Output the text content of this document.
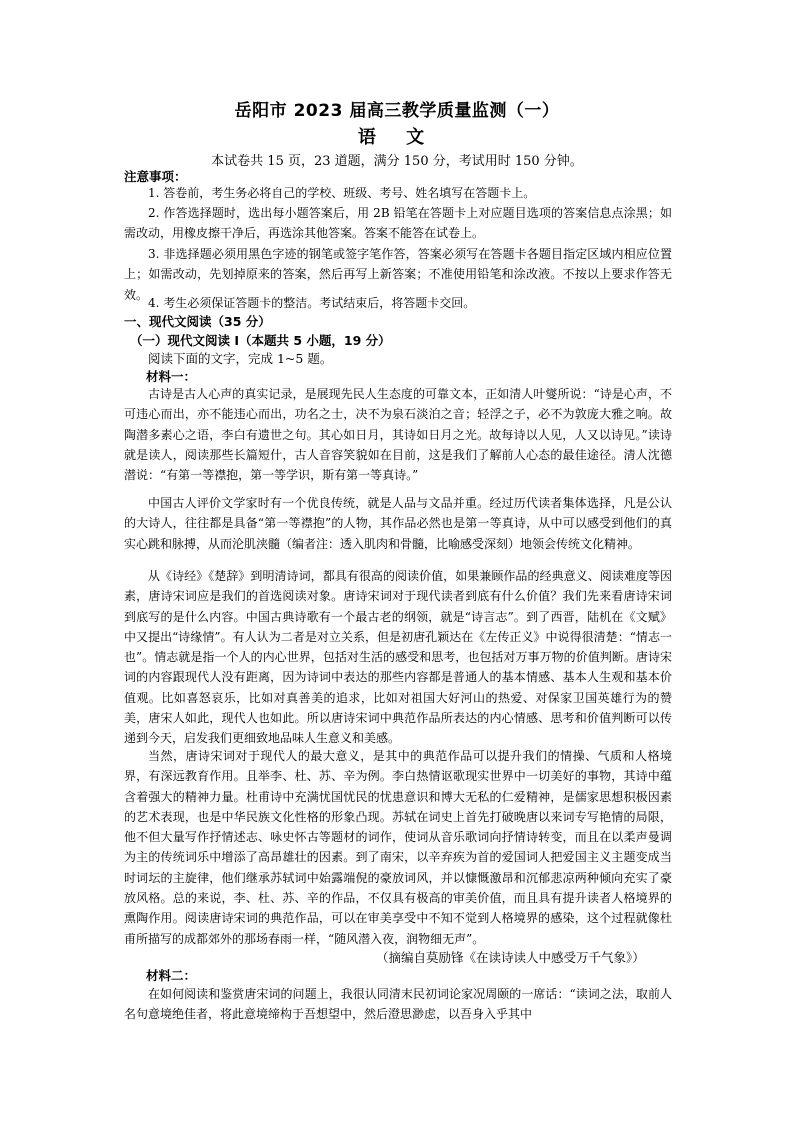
岳阳市 2023 届高三教学质量监测（一）
语 文
本试卷共 15 页，23 道题，满分 150 分，考试用时 150 分钟。
注意事项：
1. 答卷前，考生务必将自己的学校、班级、考号、姓名填写在答题卡上。
2. 作答选择题时，选出每小题答案后，用 2B 铅笔在答题卡上对应题目选项的答案信息点涂黑；如需改动，用橡皮擦干净后，再选涂其他答案。答案不能答在试卷上。
3. 非选择题必须用黑色字迹的钢笔或签字笔作答，答案必须写在答题卡各题目指定区域内相应位置上；如需改动，先划掉原来的答案，然后再写上新答案；不准使用铅笔和涂改液。不按以上要求作答无效。
4. 考生必须保证答题卡的整洁。考试结束后，将答题卡交回。
一、现代文阅读（35 分）
（一）现代文阅读 I（本题共 5 小题，19 分）
阅读下面的文字，完成 1~5 题。
材料一：
古诗是古人心声的真实记录，是展现先民人生态度的可靠文本，正如清人叶燮所说：“诗是心声，不可违心而出，亦不能违心而出，功名之士，决不为泉石淡泊之音；轻浮之子，必不为敦庞大雅之响。故陶潜多素心之语，李白有遗世之句。其心如日月，其诗如日月之光。故每诗以人见，人又以诗见。”读诗就是读人，阅读那些长篇短什，古人音容笑貌如在目前，这是我们了解前人心态的最佳途径。清人沈德潜说：“有第一等襟抱，第一等学识，斯有第一等真诗。”
中国古人评价文学家时有一个优良传统，就是人品与文品并重。经过历代读者集体选择，凡是公认的大诗人，往往都是具备“第一等襟抱”的人物，其作品必然也是第一等真诗，从中可以感受到他们的真实心跳和脉搏，从而沦肌浃髓（编者注：透入肌肉和骨髓，比喻感受深刻）地领会传统文化精神。
从《诗经》《楚辞》到明清诗词，都具有很高的阅读价值，如果兼顾作品的经典意义、阅读难度等因素，唐诗宋词应是我们的首选阅读对象。唐诗宋词对于现代读者到底有什么价值？我们先来看唐诗宋词到底写的是什么内容。中国古典诗歌有一个最古老的纲领，就是“诗言志”。到了西晋，陆机在《文赋》中又提出“诗缘情”。有人认为二者是对立关系，但是初唐孔颖达在《左传正义》中说得很清楚：“情志一也”。情志就是指一个人的内心世界，包括对生活的感受和思考，也包括对万事万物的价值判断。唐诗宋词的内容跟现代人没有距离，因为诗词中表达的那些内容都是普通人的基本情感、基本人生观和基本价值观。比如喜怒哀乐，比如对真善美的追求，比如对祖国大好河山的热爱、对保家卫国英雄行为的赞美，唐宋人如此，现代人也如此。所以唐诗宋词中典范作品所表达的内心情感、思考和价值判断可以传递到今天，启发我们更细致地品味人生意义和美感。
当然，唐诗宋词对于现代人的最大意义，是其中的典范作品可以提升我们的情操、气质和人格境界，有深远教育作用。且举李、杜、苏、辛为例。李白热情讴歌现实世界中一切美好的事物，其诗中蕴含着强大的精神力量。杜甫诗中充满忧国忧民的忧患意识和博大无私的仁爱精神，是儒家思想积极因素的艺术表现，也是中华民族文化性格的形象凸现。苏轼在词史上首先打破晚唐以来词专写艳情的局限，他不但大量写作抒情述志、咏史怀古等题材的词作，使词从音乐歌词向抒情诗转变，而且在以柔声曼调为主的传统词乐中增添了高昂雄壮的因素。到了南宋，以辛弃疾为首的爱国词人把爱国主义主题变成当时词坛的主旋律，他们继承苏轼词中始露端倪的豪放词风，并以慷慨激昂和沉郁悲凉两种倾向充实了豪放风格。总的来说，李、杜、苏、辛的作品，不仅具有极高的审美价值，而且具有提升读者人格境界的熏陶作用。阅读唐诗宋词的典范作品，可以在审美享受中不知不觉到人格境界的感染，这个过程就像杜甫所描写的成都郊外的那场春雨一样，“随风潜入夜，润物细无声”。
（摘编自莫励锋《在读诗读人中感受万千气象》）
材料二：
在如何阅读和鉴赏唐宋词的问题上，我很认同清末民初词论家况周颐的一席话：“读词之法，取前人名句意境绝佳者，将此意境缔构于吾想望中，然后澄思渺虑，以吾身入乎其中
